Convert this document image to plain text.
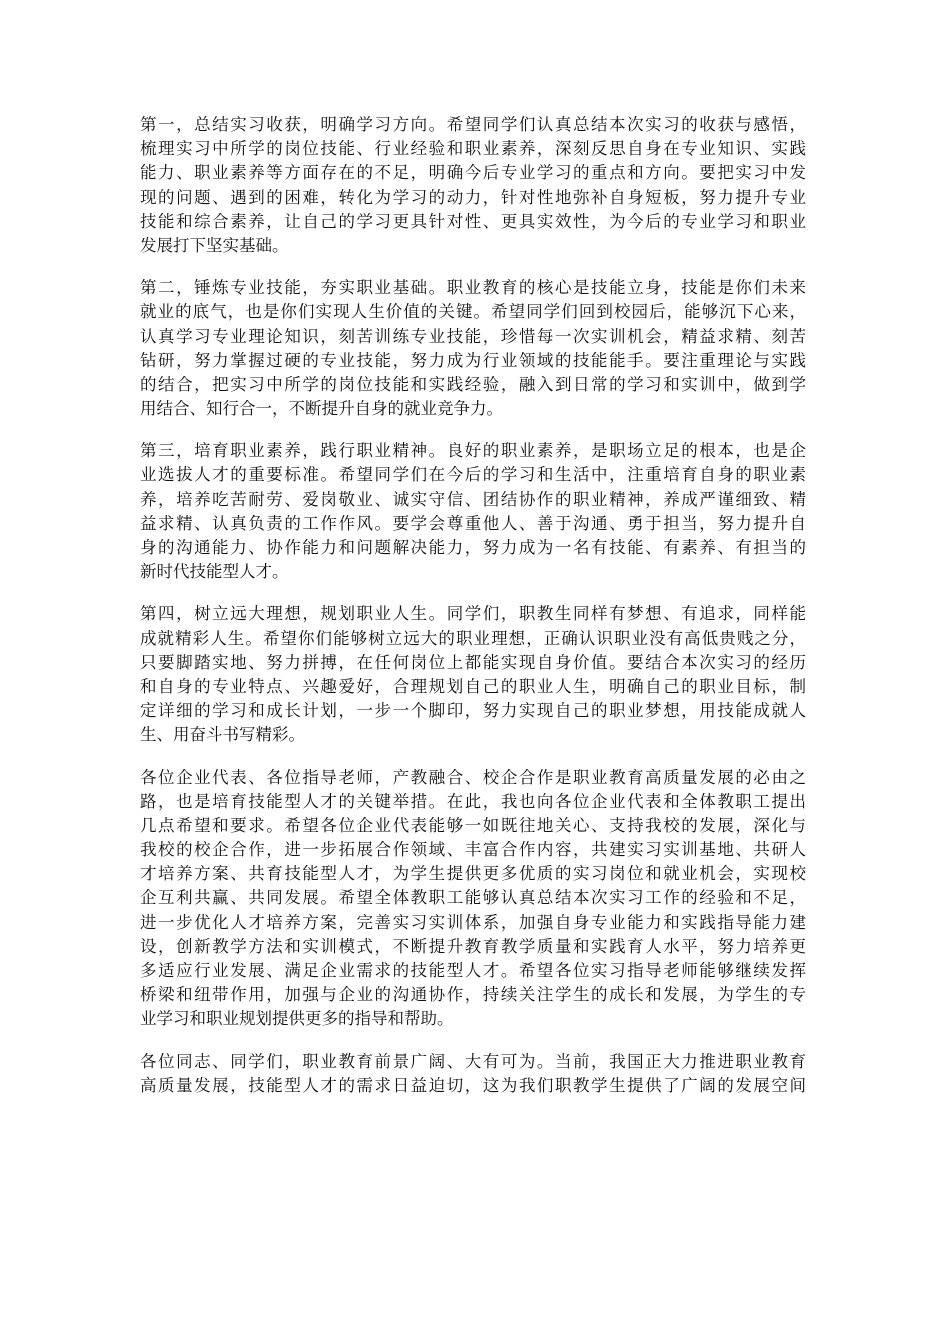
第一，总结实习收获，明确学习方向。希望同学们认真总结本次实习的收获与感悟，
梳理实习中所学的岗位技能、行业经验和职业素养，深刻反思自身在专业知识、实践
能力、职业素养等方面存在的不足，明确今后专业学习的重点和方向。要把实习中发
现的问题、遇到的困难，转化为学习的动力，针对性地弥补自身短板，努力提升专业
技能和综合素养，让自己的学习更具针对性、更具实效性，为今后的专业学习和职业
发展打下坚实基础。
第二，锤炼专业技能，夯实职业基础。职业教育的核心是技能立身，技能是你们未来
就业的底气，也是你们实现人生价值的关键。希望同学们回到校园后，能够沉下心来，
认真学习专业理论知识，刻苦训练专业技能，珍惜每一次实训机会，精益求精、刻苦
钻研，努力掌握过硬的专业技能，努力成为行业领域的技能能手。要注重理论与实践
的结合，把实习中所学的岗位技能和实践经验，融入到日常的学习和实训中，做到学
用结合、知行合一，不断提升自身的就业竞争力。
第三，培育职业素养，践行职业精神。良好的职业素养，是职场立足的根本，也是企
业选拔人才的重要标准。希望同学们在今后的学习和生活中，注重培育自身的职业素
养，培养吃苦耐劳、爱岗敬业、诚实守信、团结协作的职业精神，养成严谨细致、精
益求精、认真负责的工作作风。要学会尊重他人、善于沟通、勇于担当，努力提升自
身的沟通能力、协作能力和问题解决能力，努力成为一名有技能、有素养、有担当的
新时代技能型人才。
第四，树立远大理想，规划职业人生。同学们，职教生同样有梦想、有追求，同样能
成就精彩人生。希望你们能够树立远大的职业理想，正确认识职业没有高低贵贱之分，
只要脚踏实地、努力拼搏，在任何岗位上都能实现自身价值。要结合本次实习的经历
和自身的专业特点、兴趣爱好，合理规划自己的职业人生，明确自己的职业目标，制
定详细的学习和成长计划，一步一个脚印，努力实现自己的职业梦想，用技能成就人
生、用奋斗书写精彩。
各位企业代表、各位指导老师，产教融合、校企合作是职业教育高质量发展的必由之
路，也是培育技能型人才的关键举措。在此，我也向各位企业代表和全体教职工提出
几点希望和要求。希望各位企业代表能够一如既往地关心、支持我校的发展，深化与
我校的校企合作，进一步拓展合作领域、丰富合作内容，共建实习实训基地、共研人
才培养方案、共育技能型人才，为学生提供更多优质的实习岗位和就业机会，实现校
企互利共赢、共同发展。希望全体教职工能够认真总结本次实习工作的经验和不足，
进一步优化人才培养方案，完善实习实训体系，加强自身专业能力和实践指导能力建
设，创新教学方法和实训模式，不断提升教育教学质量和实践育人水平，努力培养更
多适应行业发展、满足企业需求的技能型人才。希望各位实习指导老师能够继续发挥
桥梁和纽带作用，加强与企业的沟通协作，持续关注学生的成长和发展，为学生的专
业学习和职业规划提供更多的指导和帮助。
各位同志、同学们，职业教育前景广阔、大有可为。当前，我国正大力推进职业教育
高质量发展，技能型人才的需求日益迫切，这为我们职教学生提供了广阔的发展空间
